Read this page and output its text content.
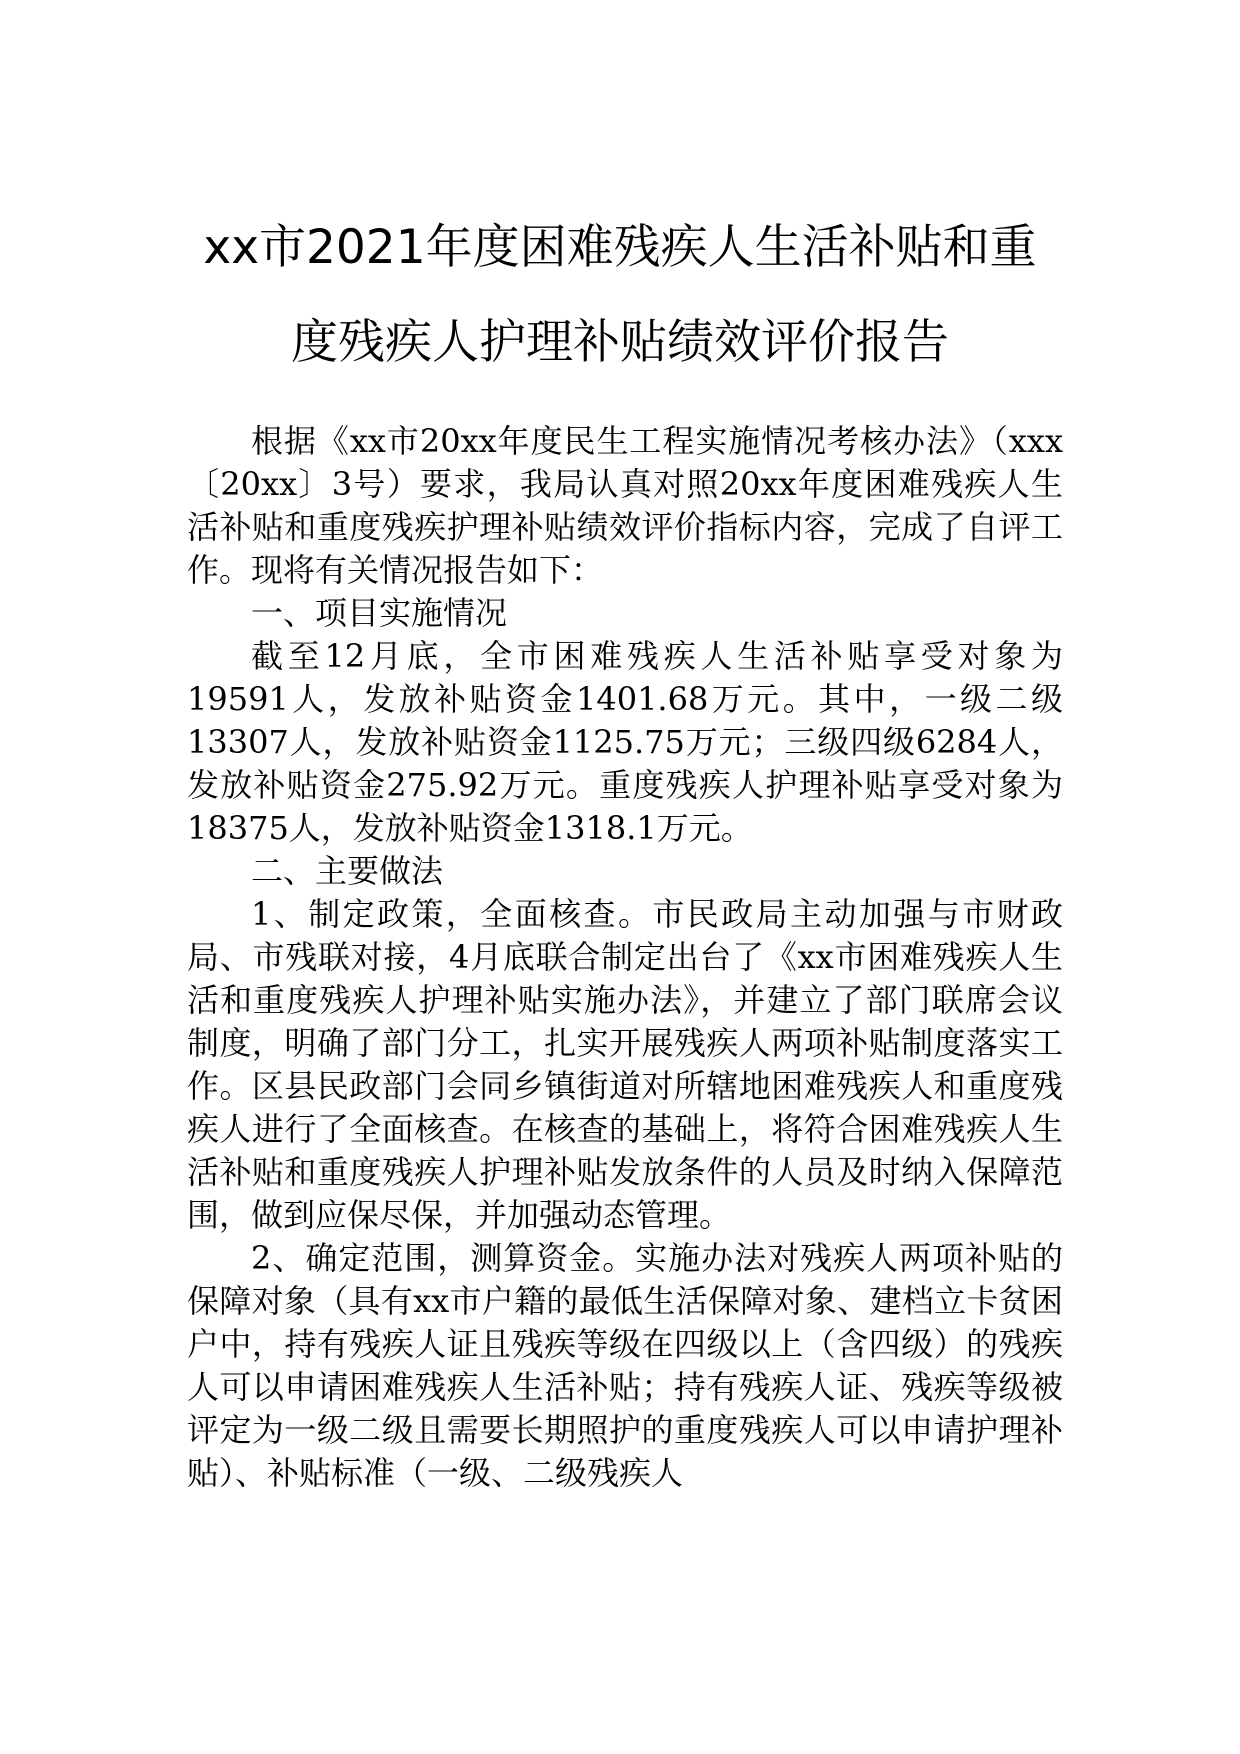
xx市2021年度困难残疾人生活补贴和重
度残疾人护理补贴绩效评价报告

根据《xx市20xx年度民生工程实施情况考核办法》（xxx〔20xx〕3号）要求，我局认真对照20xx年度困难残疾人生活补贴和重度残疾护理补贴绩效评价指标内容，完成了自评工作。现将有关情况报告如下：

一、项目实施情况

截至12月底，全市困难残疾人生活补贴享受对象为19591人，发放补贴资金1401.68万元。其中，一级二级13307人，发放补贴资金1125.75万元；三级四级6284人，发放补贴资金275.92万元。重度残疾人护理补贴享受对象为18375人，发放补贴资金1318.1万元。

二、主要做法

1、制定政策，全面核查。市民政局主动加强与市财政局、市残联对接，4月底联合制定出台了《xx市困难残疾人生活和重度残疾人护理补贴实施办法》，并建立了部门联席会议制度，明确了部门分工，扎实开展残疾人两项补贴制度落实工作。区县民政部门会同乡镇街道对所辖地困难残疾人和重度残疾人进行了全面核查。在核查的基础上，将符合困难残疾人生活补贴和重度残疾人护理补贴发放条件的人员及时纳入保障范围，做到应保尽保，并加强动态管理。

2、确定范围，测算资金。实施办法对残疾人两项补贴的保障对象（具有xx市户籍的最低生活保障对象、建档立卡贫困户中，持有残疾人证且残疾等级在四级以上（含四级）的残疾人可以申请困难残疾人生活补贴；持有残疾人证、残疾等级被评定为一级二级且需要长期照护的重度残疾人可以申请护理补贴）、补贴标准（一级、二级残疾人
